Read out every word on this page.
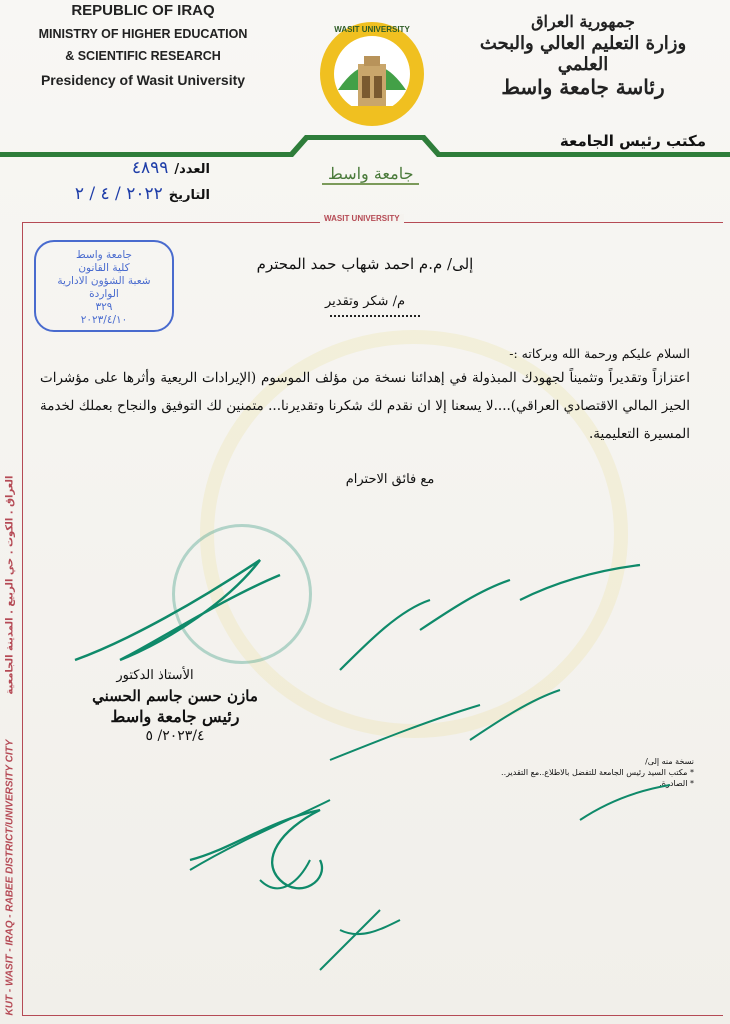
REPUBLIC OF IRAQ
MINISTRY OF HIGHER EDUCATION
& SCIENTIFIC RESEARCH
Presidency of Wasit University
WASIT UNIVERSITY	جمهورية العراق
وزارة التعليم العالي والبحث العلمي
رئاسة جامعة واسط
مكتب رئيس الجامعة
العدد/
٤٨٩٩
التاريخ
٢٠٢٢ / ٤ / ٢
جامعة واسط
WASIT UNIVERSITY
العراق . الكوت . حي الربيع . المدينة الجامعية
KUT - WASIT - IRAQ - RABEE DISTRICT/UNIVERSITY CITY
جامعة واسط
كلية القانون
شعبة الشؤون الادارية
الواردة
٣٢٩
٢٠٢٣/٤/١٠
إلى/ م.م احمد شهاب حمد المحترم
م/ شكر وتقدير
السلام عليكم ورحمة الله وبركاته :-
اعتزازاً وتقديراً وتثميناً لجهودك المبذولة في إهدائنا نسخة من مؤلف الموسوم (الإيرادات الريعية وأثرها على مؤشرات الحيز المالي الاقتصادي العراقي)....لا يسعنا إلا ان نقدم لك شكرنا وتقديرنا... متمنين لك التوفيق والنجاح بعملك لخدمة المسيرة التعليمية.
مع فائق الاحترام
الأستاذ الدكتور
مازن حسن جاسم الحسني
رئيس جامعة واسط
٢٠٢٣/٤/ ٥
نسخة منه إلى/
* مكتب السيد رئيس الجامعة للتفضل بالاطلاع..مع التقدير..
* الصادرة.
